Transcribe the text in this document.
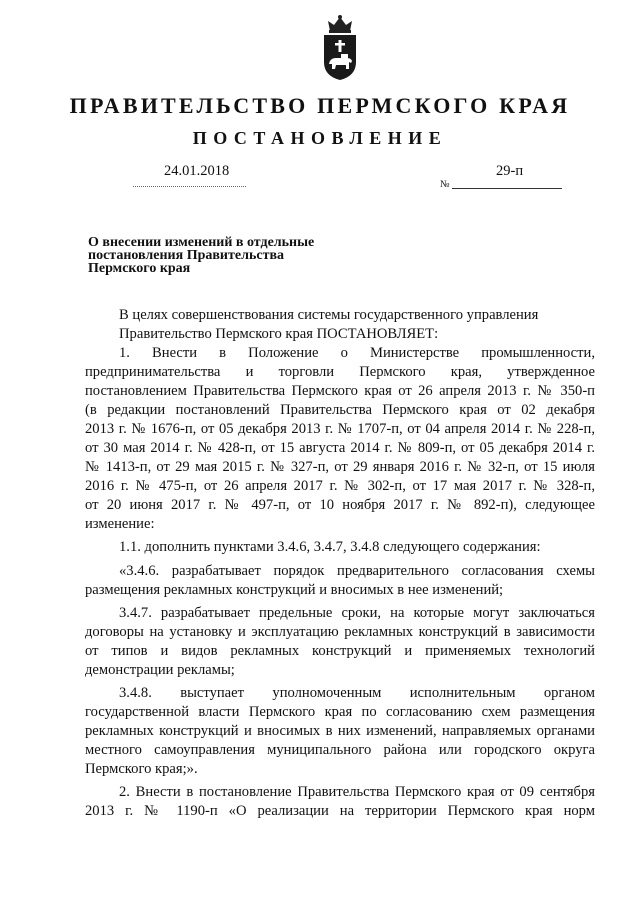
ПРАВИТЕЛЬСТВО ПЕРМСКОГО КРАЯ
ПОСТАНОВЛЕНИЕ
24.01.2018	29-п
№
О внесении изменений в отдельные
постановления Правительства
Пермского края
В целях совершенствования системы государственного управления
Правительство Пермского края ПОСТАНОВЛЯЕТ:
1. Внести в Положение о Министерстве промышленности,
предпринимательства и торговли Пермского края, утвержденное
постановлением Правительства Пермского края от 26 апреля 2013 г. № 350-п
(в редакции постановлений Правительства Пермского края от 02 декабря
2013 г. № 1676-п, от 05 декабря 2013 г. № 1707-п, от 04 апреля 2014 г. № 228-п,
от 30 мая 2014 г. № 428-п, от 15 августа 2014 г. № 809-п, от 05 декабря 2014 г.
№ 1413-п, от 29 мая 2015 г. № 327-п, от 29 января 2016 г. № 32-п, от 15 июля
2016 г. № 475-п, от 26 апреля 2017 г. № 302-п, от 17 мая 2017 г. № 328-п,
от 20 июня 2017 г. № 497-п, от 10 ноября 2017 г. № 892-п), следующее
изменение:
1.1. дополнить пунктами 3.4.6, 3.4.7, 3.4.8 следующего содержания:
«3.4.6. разрабатывает порядок предварительного согласования схемы
размещения рекламных конструкций и вносимых в нее изменений;
3.4.7. разрабатывает предельные сроки, на которые могут заключаться
договоры на установку и эксплуатацию рекламных конструкций в зависимости
от типов и видов рекламных конструкций и применяемых технологий
демонстрации рекламы;
3.4.8. выступает уполномоченным исполнительным органом
государственной власти Пермского края по согласованию схем размещения
рекламных конструкций и вносимых в них изменений, направляемых органами
местного самоуправления муниципального района или городского округа
Пермского края;».
2. Внести в постановление Правительства Пермского края от 09 сентября
2013 г. № 1190-п «О реализации на территории Пермского края норм
